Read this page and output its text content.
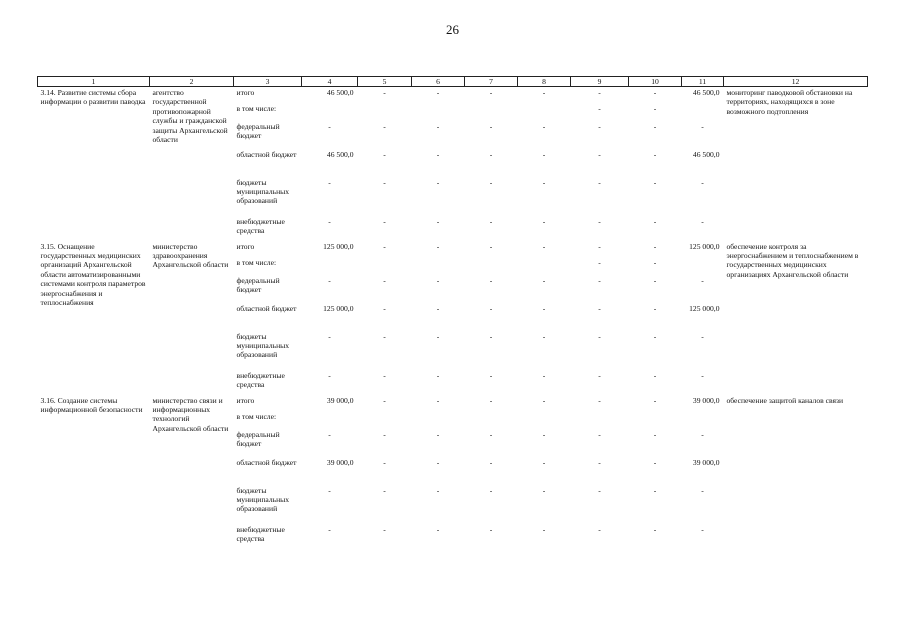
26
1	2	3	4	5	6	7	8	9	10	11	12
3.14. Развитие системы сбора информации о развитии паводка	агентство государственной противопожарной службы и гражданской защиты Архангельской области	итого	46 500,0	-	-	-	-	-	-	46 500,0	мониторинг паводковой обстановки на территориях, находящихся в зоне возможного подтопления
		в том числе:						-	-		
		федеральный бюджет	-	-	-	-	-	-	-	-	
		областной бюджет	46 500,0	-	-	-	-	-	-	46 500,0	
		бюджеты муниципальных образований	-	-	-	-	-	-	-	-	
		внебюджетные средства	-	-	-	-	-	-	-	-	
3.15. Оснащение государственных медицинских организаций Архангельской области автоматизированными системами контроля параметров энергоснабжения и теплоснабжения	министерство здравоохранения Архангельской области	итого	125 000,0	-	-	-	-	-	-	125 000,0	обеспечение контроля за энергоснабжением и теплоснабжением в государственных медицинских организациях Архангельской области
		в том числе:						-	-		
		федеральный бюджет	-	-	-	-	-	-	-	-	
		областной бюджет	125 000,0	-	-	-	-	-	-	125 000,0	
		бюджеты муниципальных образований	-	-	-	-	-	-	-	-	
		внебюджетные средства	-	-	-	-	-	-	-	-	
3.16. Создание системы информационной безопасности	министерство связи и информационных технологий Архангельской области	итого	39 000,0	-	-	-	-	-	-	39 000,0	обеспечение защитой каналов связи
		в том числе:									
		федеральный бюджет	-	-	-	-	-	-	-	-	
		областной бюджет	39 000,0	-	-	-	-	-	-	39 000,0	
		бюджеты муниципальных образований	-	-	-	-	-	-	-	-	
		внебюджетные средства	-	-	-	-	-	-	-	-	
